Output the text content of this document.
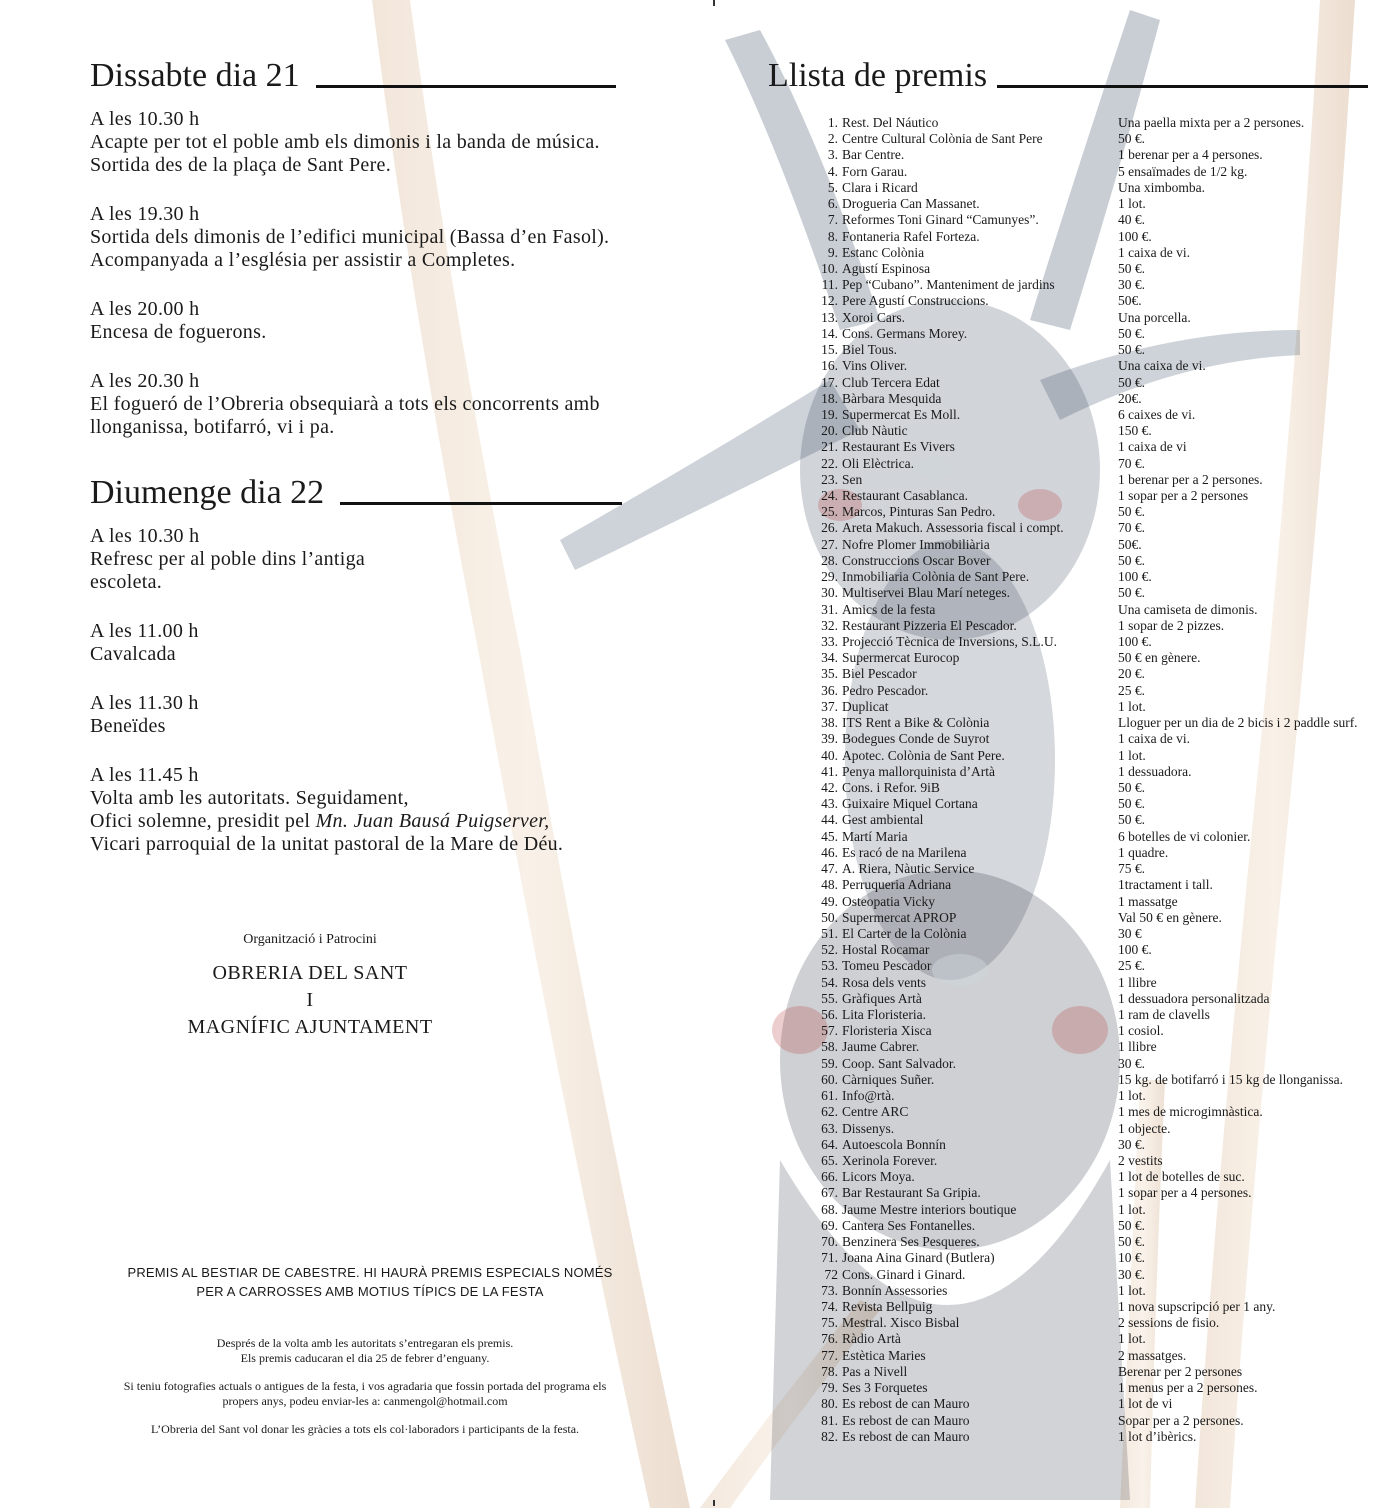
Dissabte dia 21

A les 10.30 h

Acapte per tot el poble amb els dimonis i la banda de música.

Sortida des de la plaça de Sant Pere.

A les 19.30 h

Sortida dels dimonis de l’edifici municipal (Bassa d’en Fasol).

Acompanyada a l’església per assistir a Completes.

A les 20.00 h

Encesa de foguerons.

A les 20.30 h

El fogueró de l’Obreria obsequiarà a tots els concorrents amb

llonganissa, botifarró, vi i pa.

Diumenge dia 22

A les 10.30 h

Refresc per al poble dins l’antiga

escoleta.

A les 11.00 h

Cavalcada

A les 11.30 h

Beneïdes

A les 11.45 h

Volta amb les autoritats. Seguidament,

Ofici solemne, presidit pel Mn. Juan Bausá Puigserver,

Vicari parroquial de la unitat pastoral de la Mare de Déu.

Organització i Patrocini
OBRERIA DEL SANT
I
MAGNÍFIC AJUNTAMENT
PREMIS AL BESTIAR DE CABESTRE. HI HAURÀ PREMIS ESPECIALS NOMÉS
PER A CARROSSES AMB MOTIUS TÍPICS DE LA FESTA

Després de la volta amb les autoritats s’entregaran els premis.
Els premis caducaran el dia 25 de febrer d’enguany.

Si teniu fotografies actuals o antigues de la festa, i vos agradaria que fossin portada del programa els
propers anys, podeu enviar-les a: canmengol@hotmail.com

L’Obreria del Sant vol donar les gràcies a tots els col·laboradors i participants de la festa.

Llista de premis
1. Rest. Del Náutico	Una paella mixta per a 2 persones.
2. Centre Cultural Colònia de Sant Pere	50 €.
3. Bar Centre.	1 berenar per a 4 persones.
4. Forn Garau.	5 ensaïmades de 1/2 kg.
5. Clara i Ricard	Una ximbomba.
6. Drogueria Can Massanet.	1 lot.
7. Reformes Toni Ginard “Camunyes”.	40 €.
8. Fontaneria Rafel Forteza.	100 €.
9. Estanc Colònia	1 caixa de vi.
10. Agustí Espinosa	50 €.
11. Pep “Cubano”. Manteniment de jardins	30 €.
12. Pere Agustí Construccions.	50€.
13. Xoroi Cars.	Una porcella.
14. Cons. Germans Morey.	50 €.
15. Biel Tous.	50 €.
16. Vins Oliver.	Una caixa de vi.
17. Club Tercera Edat	50 €.
18. Bàrbara Mesquida	20€.
19. Supermercat Es Moll.	6 caixes de vi.
20. Club Nàutic	150 €.
21. Restaurant Es Vivers	1 caixa de vi
22. Oli Elèctrica.	70 €.
23. Sen	1 berenar per a 2 persones.
24. Restaurant Casablanca.	1 sopar per a 2 persones
25. Marcos, Pinturas San Pedro.	50 €.
26. Areta Makuch. Assessoria fiscal i compt.	70 €.
27. Nofre Plomer Immobiliària	50€.
28. Construccions Oscar Bover	50 €.
29. Inmobiliaria Colònia de Sant Pere.	100 €.
30. Multiservei Blau Marí neteges.	50 €.
31. Amics de la festa	Una camiseta de dimonis.
32. Restaurant Pizzeria El Pescador.	1 sopar de 2 pizzes.
33. Projecció Tècnica de Inversions, S.L.U.	100 €.
34. Supermercat Eurocop	50 € en gènere.
35. Biel Pescador	20 €.
36. Pedro Pescador.	25 €.
37. Duplicat	1 lot.
38. ITS Rent a Bike & Colònia	Lloguer per un dia de 2 bicis i 2 paddle surf.
39. Bodegues Conde de Suyrot	1 caixa de vi.
40. Apotec. Colònia de Sant Pere.	1 lot.
41. Penya mallorquinista d’Artà	1 dessuadora.
42. Cons. i Refor. 9iB	50 €.
43. Guixaire Miquel Cortana	50 €.
44. Gest ambiental	50 €.
45. Martí Maria	6 botelles de vi colonier.
46. Es racó de na Marilena	1 quadre.
47. A. Riera, Nàutic Service	75 €.
48. Perruqueria Adriana	1tractament i tall.
49. Osteopatia Vicky	1 massatge
50. Supermercat APROP	Val 50 € en gènere.
51. El Carter de la Colònia	30 €
52. Hostal Rocamar	100 €.
53. Tomeu Pescador	25 €.
54. Rosa dels vents	1 llibre
55. Gràfiques Artà	1 dessuadora personalitzada
56. Lita Floristeria.	1 ram de clavells
57. Floristeria Xisca	1 cosiol.
58. Jaume Cabrer.	1 llibre
59. Coop. Sant Salvador.	30 €.
60. Càrniques Suñer.	15 kg. de botifarró i 15 kg de llonganissa.
61. Info@rtà.	1 lot.
62. Centre ARC	1 mes de microgimnàstica.
63. Dissenys.	1 objecte.
64. Autoescola Bonnín	30 €.
65. Xerinola Forever.	2 vestits
66. Licors Moya.	1 lot de botelles de suc.
67. Bar Restaurant Sa Gripia.	1 sopar per a 4 persones.
68. Jaume Mestre interiors boutique	1 lot.
69. Cantera Ses Fontanelles.	50 €.
70. Benzinera Ses Pesqueres.	50 €.
71. Joana Aina Ginard (Butlera)	10 €.
72 Cons. Ginard i Ginard.	30 €.
73. Bonnín Assessories	1 lot.
74. Revista Bellpuig	1 nova supscripció per 1 any.
75. Mestral. Xisco Bisbal	2 sessions de fisio.
76. Ràdio Artà	1 lot.
77. Estètica Maries	2 massatges.
78. Pas a Nivell	Berenar per 2 persones
79. Ses 3 Forquetes	1 menus per a 2 persones.
80. Es rebost de can Mauro	1 lot de vi
81. Es rebost de can Mauro	Sopar per a 2 persones.
82. Es rebost de can Mauro	1 lot d’ibèrics.
